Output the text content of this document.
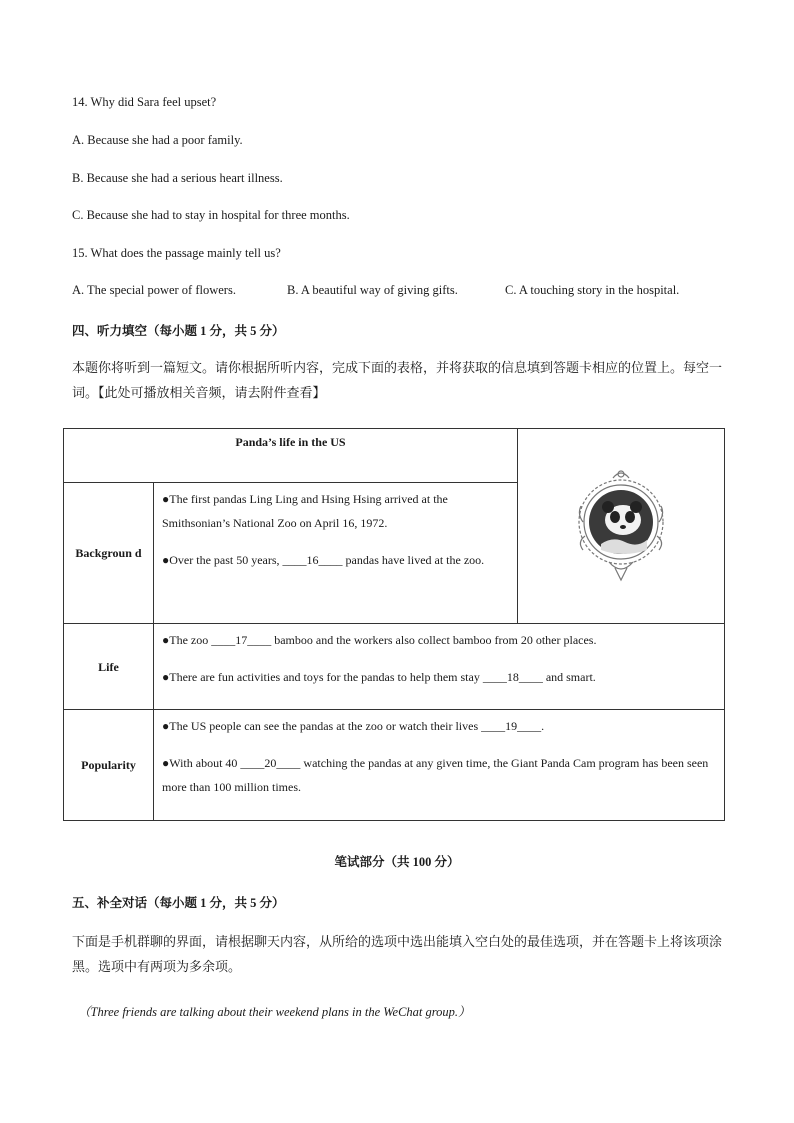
14. Why did Sara feel upset?
A. Because she had a poor family.
B. Because she had a serious heart illness.
C. Because she had to stay in hospital for three months.
15. What does the passage mainly tell us?
A. The special power of flowers.	B. A beautiful way of giving gifts.	C. A touching story in the hospital.
四、听力填空（每小题 1 分，共 5 分）
本题你将听到一篇短文。请你根据所听内容，完成下面的表格，并将获取的信息填到答题卡相应的位置上。每空一词。【此处可播放相关音频，请去附件查看】
Panda’s life in the US	
Backgroun d	●The first pandas Ling Ling and Hsing Hsing arrived at the Smithsonian’s National Zoo on April 16, 1972.

●Over the past 50 years, ____16____ pandas have lived at the zoo.	

Life	●The zoo ____17____ bamboo and the workers also collect bamboo from 20 other places.

●There are fun activities and toys for the pandas to help them stay ____18____ and smart.	

Popularity	●The US people can see the pandas at the zoo or watch their lives ____19____.

●With about 40 ____20____ watching the pandas at any given time, the Giant Panda Cam program has been seen more than 100 million times.	

笔试部分（共 100 分）
五、补全对话（每小题 1 分，共 5 分）
下面是手机群聊的界面，请根据聊天内容，从所给的选项中选出能填入空白处的最佳选项，并在答题卡上将该项涂黑。选项中有两项为多余项。
（Three friends are talking about their weekend plans in the WeChat group.）
